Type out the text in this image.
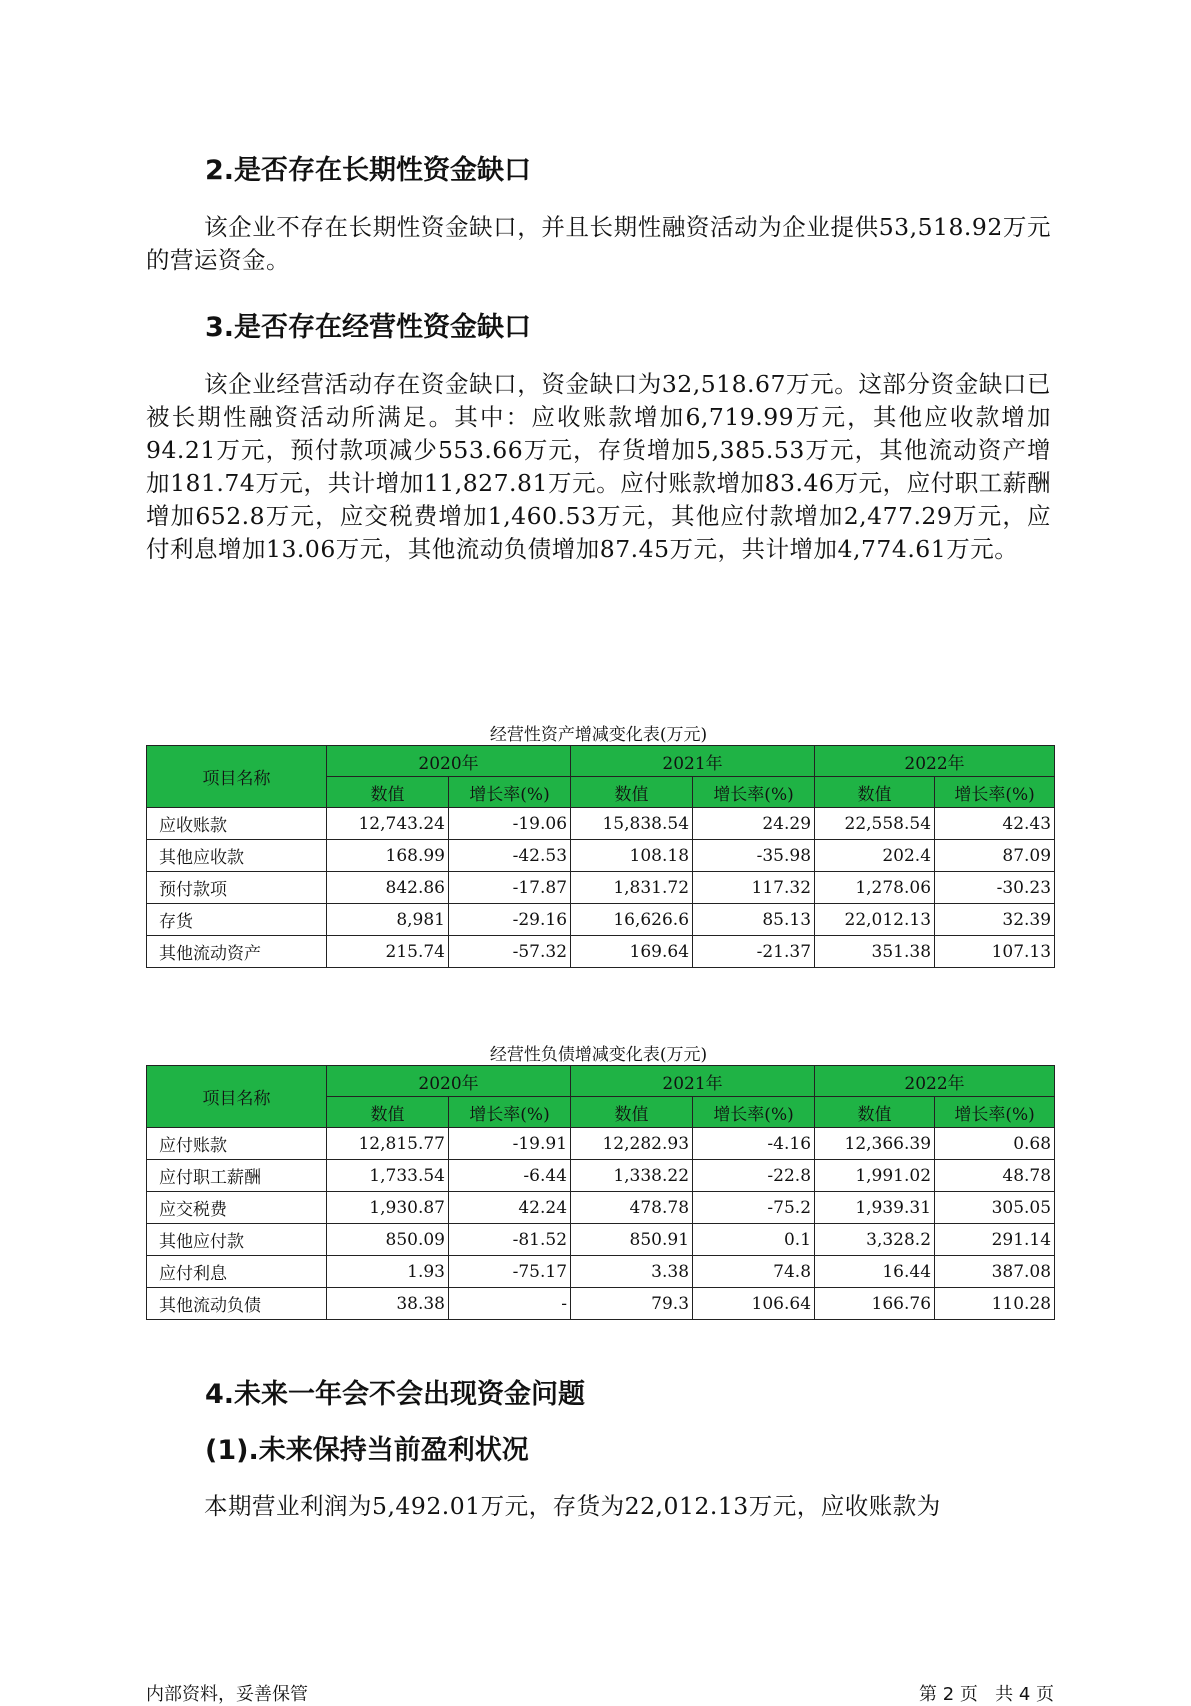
2.是否存在长期性资金缺口

该企业不存在长期性资金缺口，并且长期性融资活动为企业提供53,518.92万元的营运资金。

3.是否存在经营性资金缺口

该企业经营活动存在资金缺口，资金缺口为32,518.67万元。这部分资金缺口已被长期性融资活动所满足。其中：应收账款增加6,719.99万元，其他应收款增加94.21万元，预付款项减少553.66万元，存货增加5,385.53万元，其他流动资产增加181.74万元，共计增加11,827.81万元。应付账款增加83.46万元，应付职工薪酬增加652.8万元，应交税费增加1,460.53万元，其他应付款增加2,477.29万元，应付利息增加13.06万元，其他流动负债增加87.45万元，共计增加4,774.61万元。

经营性资产增减变化表(万元)
项目名称	2020年		2021年		2022年	
	数值	增长率(%)	数值	增长率(%)	数值	增长率(%)
应收账款	12,743.24	-19.06	15,838.54	24.29	22,558.54	42.43
其他应收款	168.99	-42.53	108.18	-35.98	202.4	87.09
预付款项	842.86	-17.87	1,831.72	117.32	1,278.06	-30.23
存货	8,981	-29.16	16,626.6	85.13	22,012.13	32.39
其他流动资产	215.74	-57.32	169.64	-21.37	351.38	107.13
经营性负债增减变化表(万元)
项目名称	2020年		2021年		2022年	
	数值	增长率(%)	数值	增长率(%)	数值	增长率(%)
应付账款	12,815.77	-19.91	12,282.93	-4.16	12,366.39	0.68
应付职工薪酬	1,733.54	-6.44	1,338.22	-22.8	1,991.02	48.78
应交税费	1,930.87	42.24	478.78	-75.2	1,939.31	305.05
其他应付款	850.09	-81.52	850.91	0.1	3,328.2	291.14
应付利息	1.93	-75.17	3.38	74.8	16.44	387.08
其他流动负债	38.38	-	79.3	106.64	166.76	110.28
4.未来一年会不会出现资金问题
(1).未来保持当前盈利状况

本期营业利润为5,492.01万元，存货为22,012.13万元，应收账款为

内部资料，妥善保管	第 2 页   共 4 页
